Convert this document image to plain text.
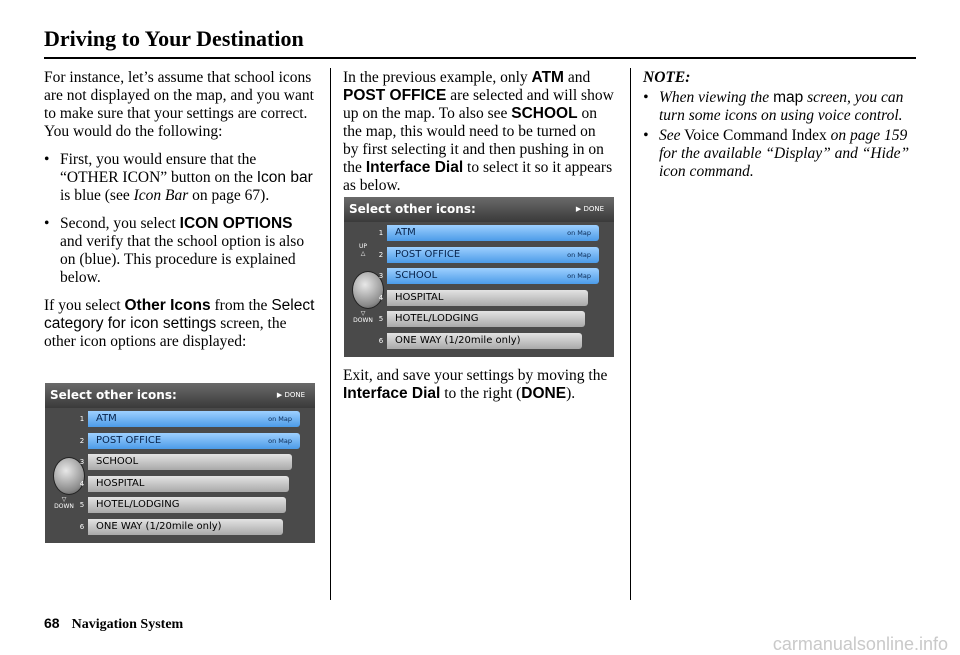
Driving to Your Destination

For instance, let’s assume that school icons are not displayed on the map, and you want to make sure that your settings are correct. You would do the following:

• First, you would ensure that the “OTHER ICON” button on the Icon bar is blue (see Icon Bar on page 67).
• Second, you select ICON OPTIONS and verify that the school option is also on (blue). This procedure is explained below.

If you select Other Icons from the Select category for icon settings screen, the other icon options are displayed:

Select other icons:	▶ DONE
▽
DOWN
1 ATM	on Map
2 POST OFFICE	on Map
3 SCHOOL
4 HOSPITAL
5 HOTEL/LODGING
6 ONE WAY (1/20mile only)

In the previous example, only ATM and POST OFFICE are selected and will show up on the map. To also see SCHOOL on the map, this would need to be turned on by first selecting it and then pushing in on the Interface Dial to select it so it appears as below.

Exit, and save your settings by moving the Interface Dial to the right (DONE).

Select other icons:	▶ DONE
UP
△
▽
DOWN
1 ATM	on Map
2 POST OFFICE	on Map
3 SCHOOL	on Map
4 HOSPITAL
5 HOTEL/LODGING
6 ONE WAY (1/20mile only)
NOTE:
• When viewing the map screen, you can turn some icons on using voice control.
• See Voice Command Index on page 159 for the available “Display” and “Hide” icon command.
68 Navigation System
carmanualsonline.info
